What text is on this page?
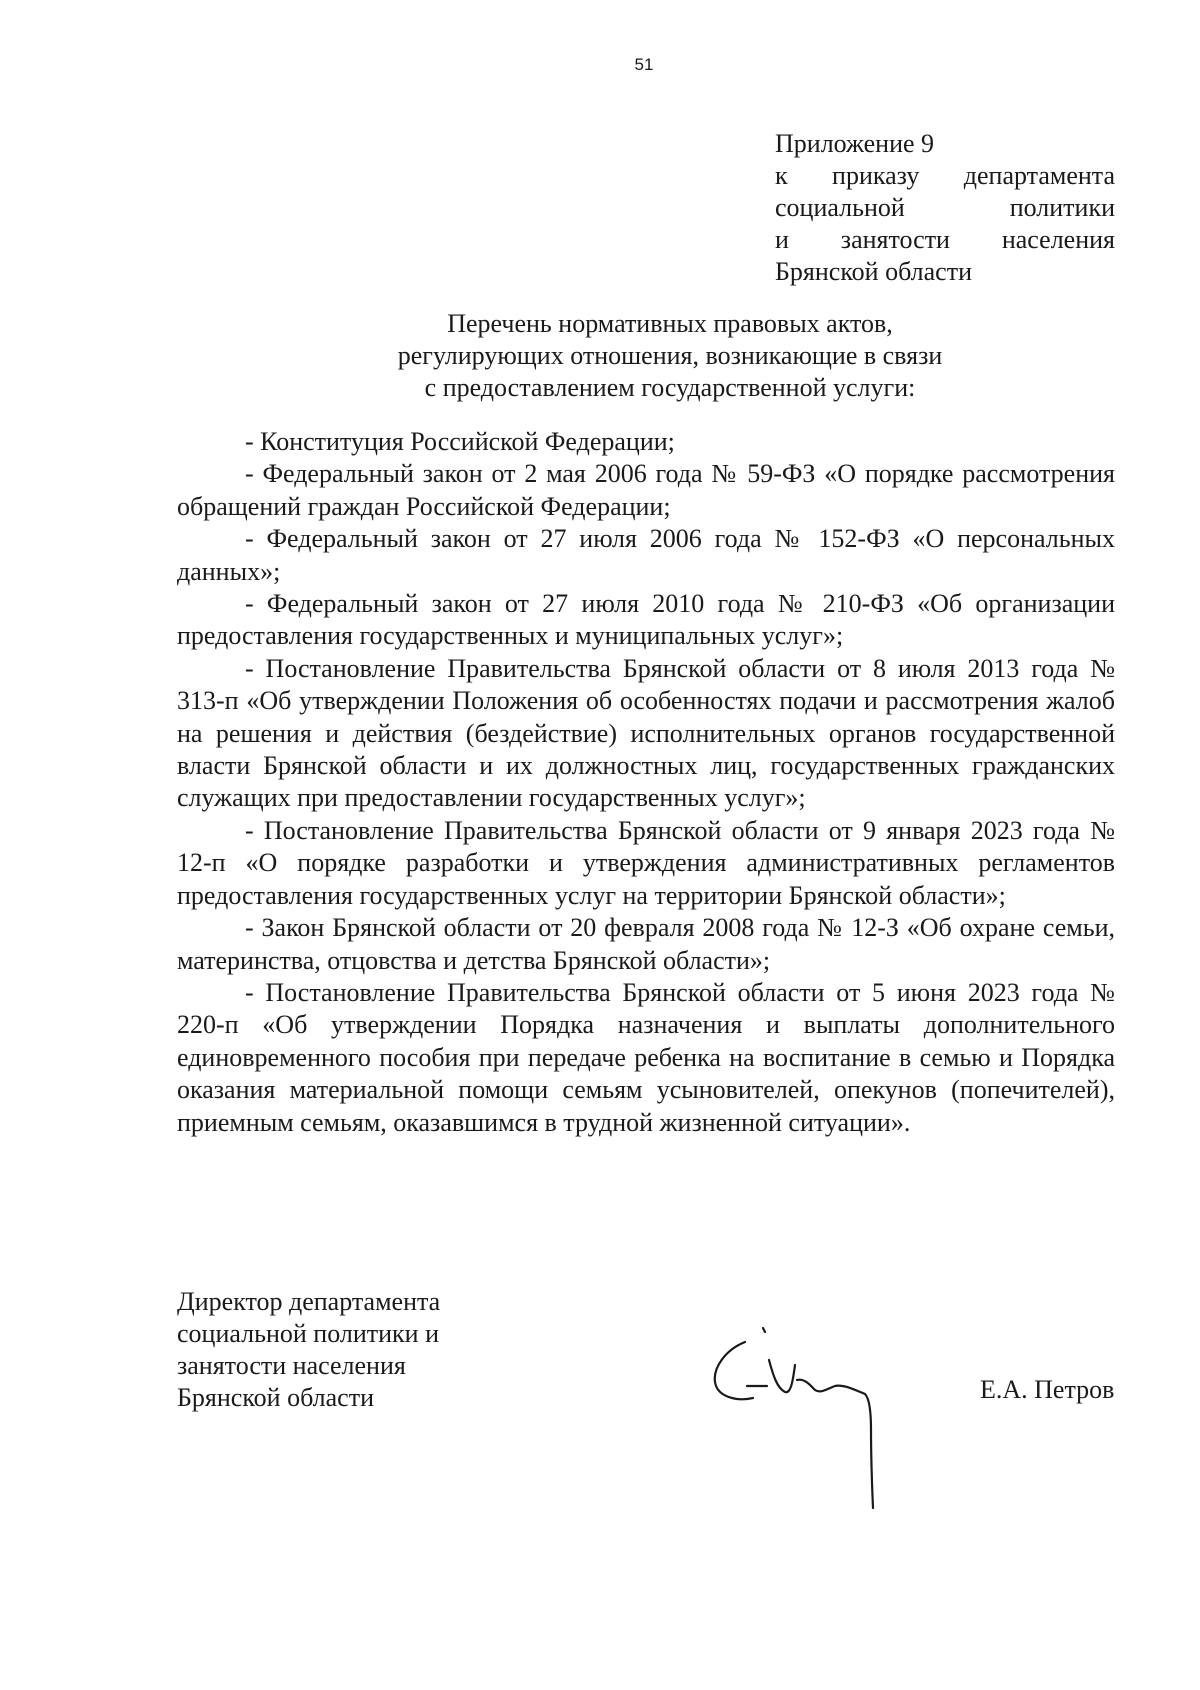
51
Приложение 9
к приказу департамента
социальной политики
и занятости населения
Брянской области
Перечень нормативных правовых актов,
регулирующих отношения, возникающие в связи
с предоставлением государственной услуги:

- Конституция Российской Федерации;

- Федеральный закон от 2 мая 2006 года № 59-ФЗ «О порядке рассмотрения обращений граждан Российской Федерации;

- Федеральный закон от 27 июля 2006 года № 152-ФЗ «О персональных данных»;

- Федеральный закон от 27 июля 2010 года № 210-ФЗ «Об организации предоставления государственных и муниципальных услуг»;

- Постановление Правительства Брянской области от 8 июля 2013 года № 313-п «Об утверждении Положения об особенностях подачи и рассмотрения жалоб на решения и действия (бездействие) исполнительных органов государственной власти Брянской области и их должностных лиц, государственных гражданских служащих при предоставлении государственных услуг»;

- Постановление Правительства Брянской области от 9 января 2023 года № 12-п «О порядке разработки и утверждения административных регламентов предоставления государственных услуг на территории Брянской области»;

- Закон Брянской области от 20 февраля 2008 года № 12-З «Об охране семьи, материнства, отцовства и детства Брянской области»;

- Постановление Правительства Брянской области от 5 июня 2023 года № 220-п «Об утверждении Порядка назначения и выплаты дополнительного единовременного пособия при передаче ребенка на воспитание в семью и Порядка оказания материальной помощи семьям усыновителей, опекунов (попечителей), приемным семьям, оказавшимся в трудной жизненной ситуации».

Директор департамента
социальной политики и
занятости населения
Брянской области	Е.А. Петров
